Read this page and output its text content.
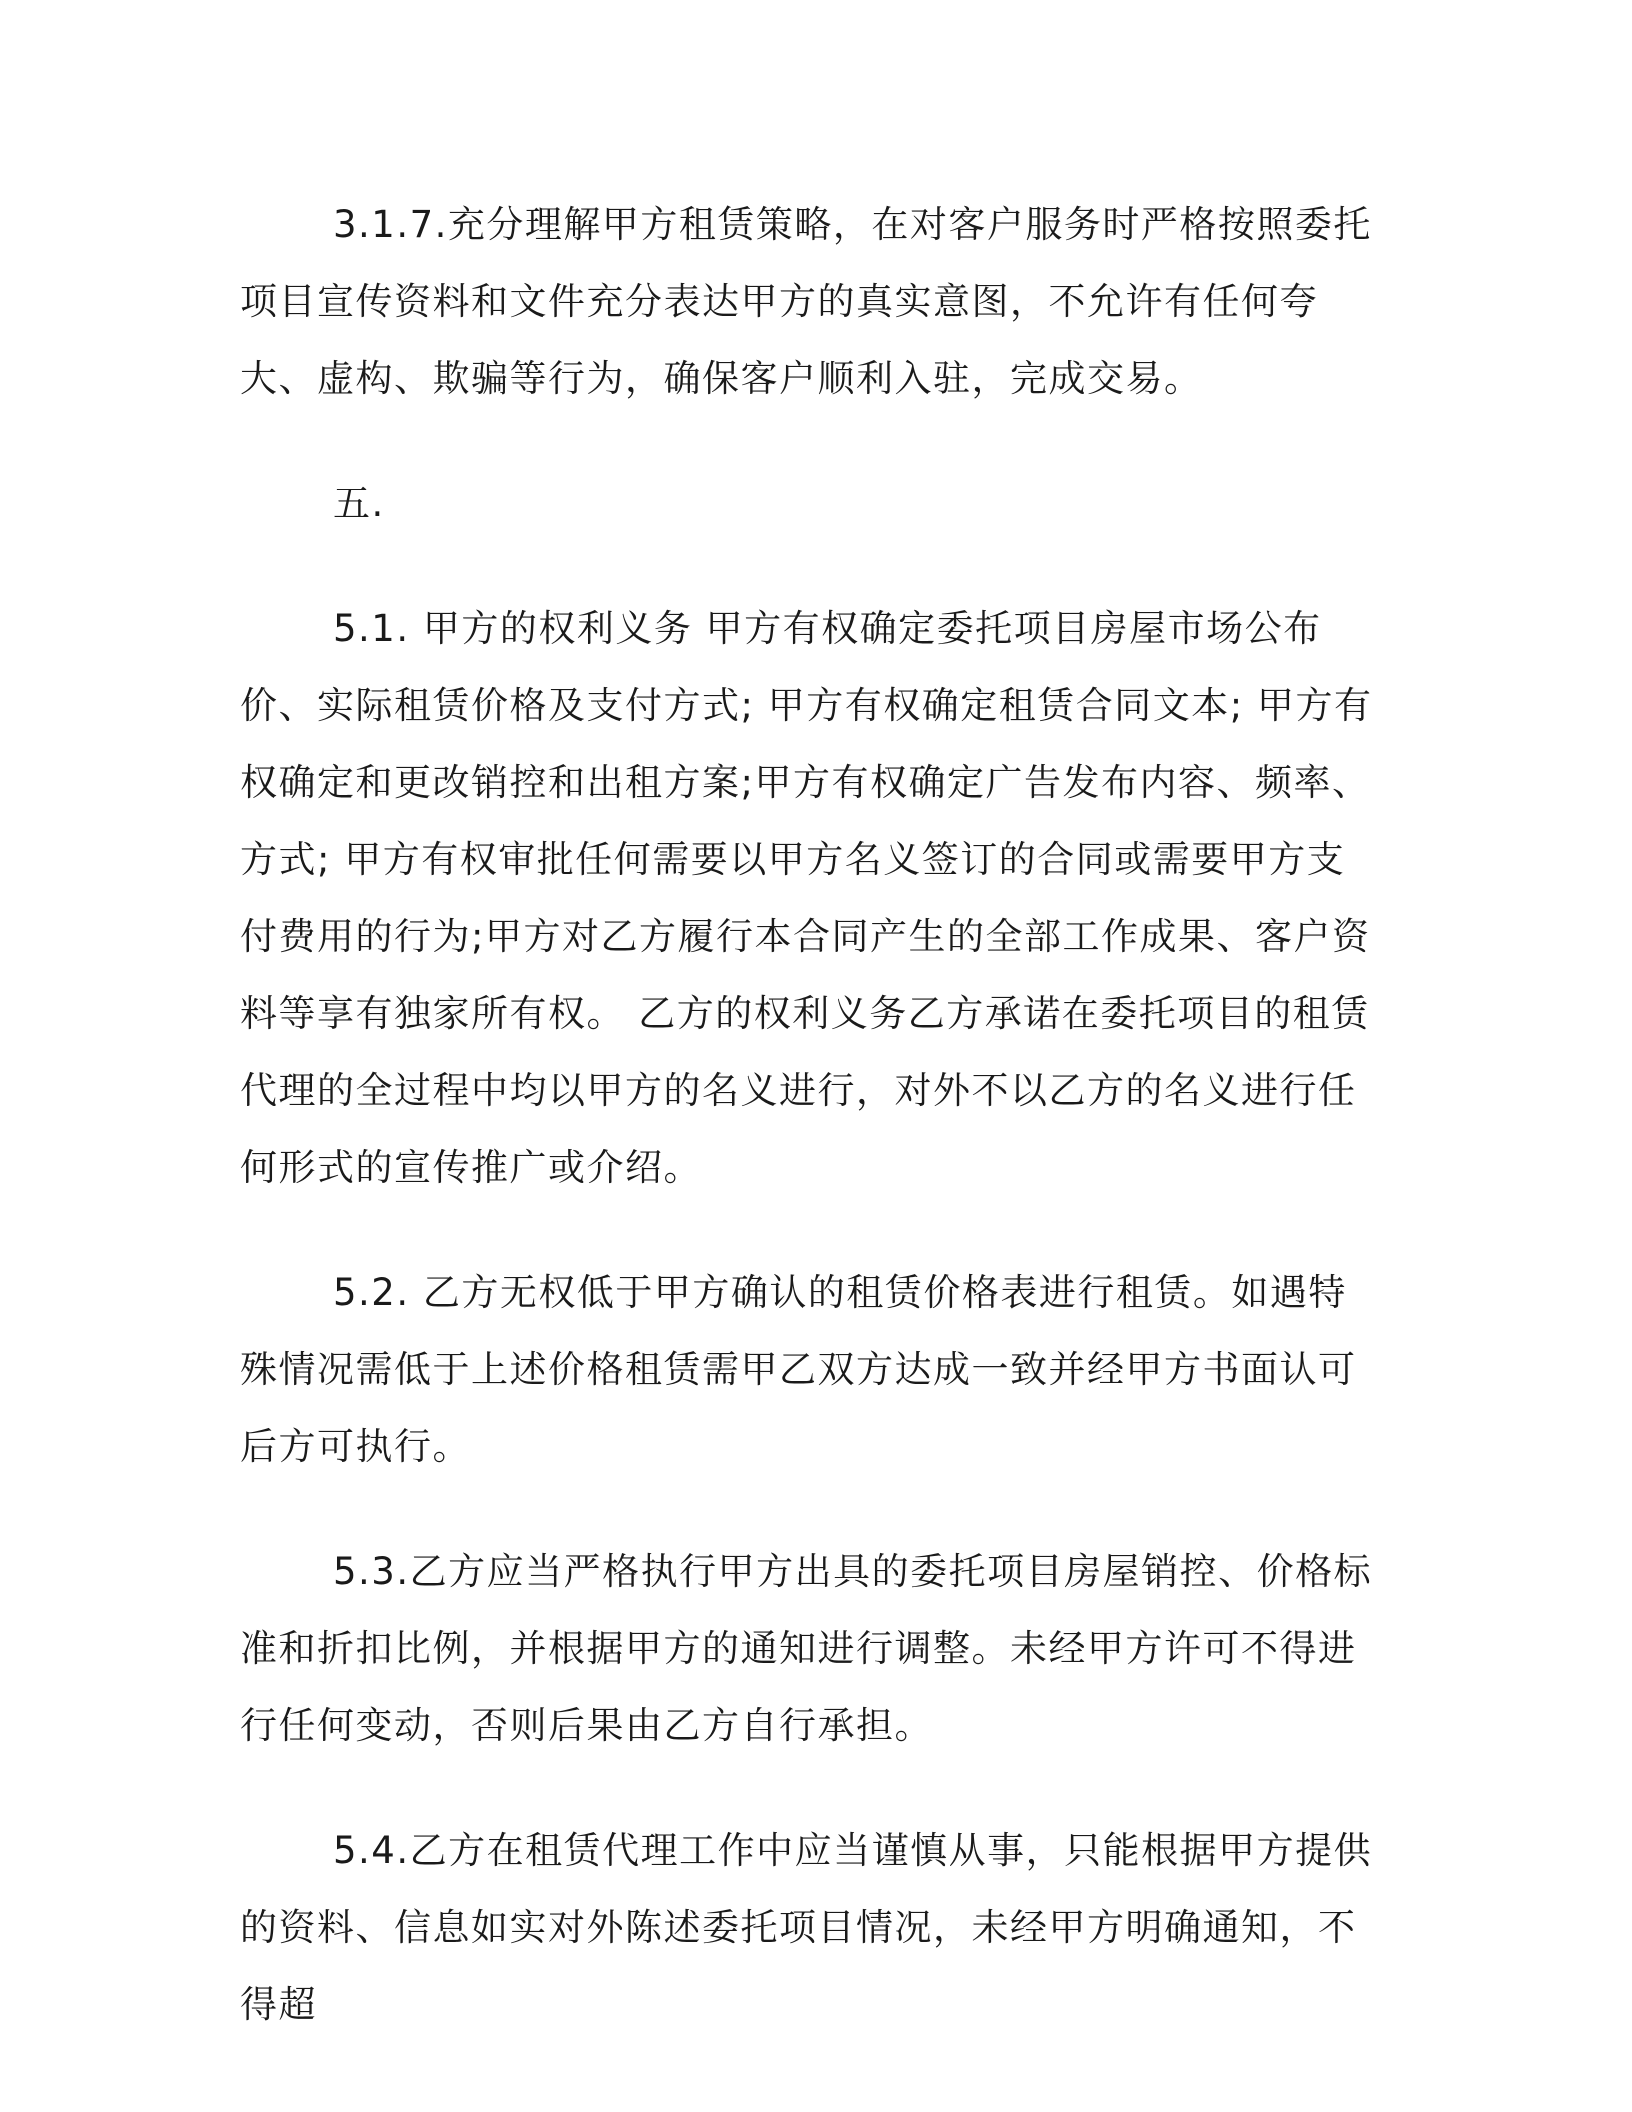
3.1.7.充分理解甲方租赁策略，在对客户服务时严格按照委托项目宣传资料和文件充分表达甲方的真实意图，不允许有任何夸大、虚构、欺骗等行为，确保客户顺利入驻，完成交易。

五.

5.1. 甲方的权利义务 甲方有权确定委托项目房屋市场公布价、实际租赁价格及支付方式; 甲方有权确定租赁合同文本; 甲方有权确定和更改销控和出租方案;甲方有权确定广告发布内容、频率、方式; 甲方有权审批任何需要以甲方名义签订的合同或需要甲方支付费用的行为;甲方对乙方履行本合同产生的全部工作成果、客户资料等享有独家所有权。 乙方的权利义务乙方承诺在委托项目的租赁代理的全过程中均以甲方的名义进行，对外不以乙方的名义进行任何形式的宣传推广或介绍。

5.2. 乙方无权低于甲方确认的租赁价格表进行租赁。如遇特殊情况需低于上述价格租赁需甲乙双方达成一致并经甲方书面认可后方可执行。

5.3.乙方应当严格执行甲方出具的委托项目房屋销控、价格标准和折扣比例，并根据甲方的通知进行调整。未经甲方许可不得进行任何变动，否则后果由乙方自行承担。

5.4.乙方在租赁代理工作中应当谨慎从事，只能根据甲方提供的资料、信息如实对外陈述委托项目情况，未经甲方明确通知，不得超
